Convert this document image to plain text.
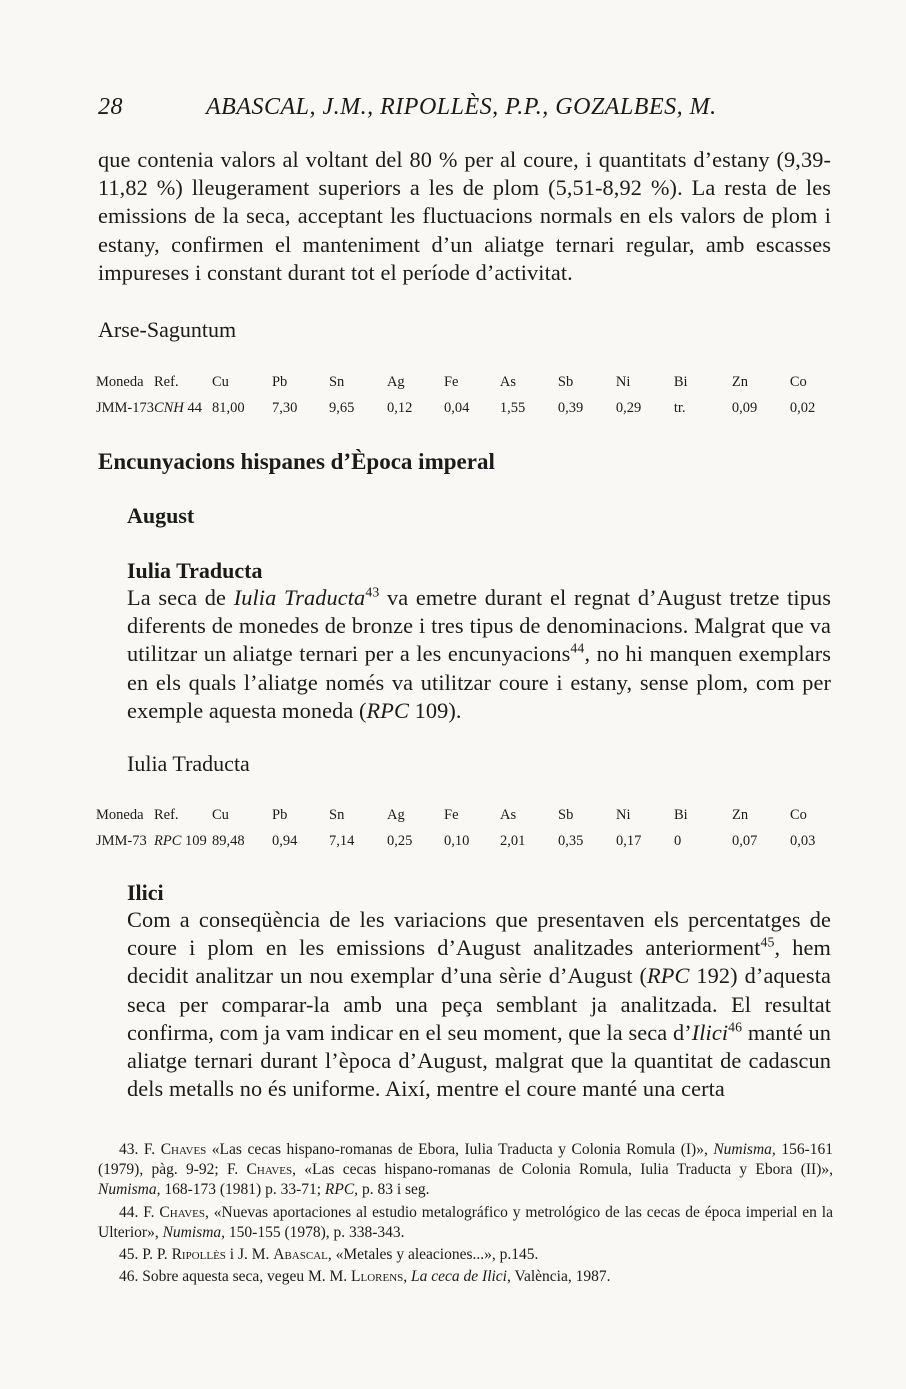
28	ABASCAL, J.M., RIPOLLÈS, P.P., GOZALBES, M.

que contenia valors al voltant del 80 % per al coure, i quantitats d’estany (9,39-11,82 %) lleugerament superiors a les de plom (5,51-8,92 %). La resta de les emissions de la seca, acceptant les fluctuacions normals en els valors de plom i estany, confirmen el manteniment d’un aliatge ternari regular, amb escasses impureses i constant durant tot el període d’activitat.

Arse-Saguntum
Moneda	Ref.	Cu	Pb	Sn	Ag	Fe	As	Sb	Ni	Bi	Zn	Co
JMM-173	CNH 44	81,00	7,30	9,65	0,12	0,04	1,55	0,39	0,29	tr.	0,09	0,02
Encunyacions hispanes d’Època imperal
August
Iulia Traducta

La seca de Iulia Traducta$^{43}$ va emetre durant el regnat d’August tretze tipus diferents de monedes de bronze i tres tipus de denominacions. Malgrat que va utilitzar un aliatge ternari per a les encunyacions$^{44}$, no hi manquen exemplars en els quals l’aliatge només va utilitzar coure i estany, sense plom, com per exemple aquesta moneda (RPC 109).

Iulia Traducta
Moneda	Ref.	Cu	Pb	Sn	Ag	Fe	As	Sb	Ni	Bi	Zn	Co
JMM-73	RPC 109	89,48	0,94	7,14	0,25	0,10	2,01	0,35	0,17	0	0,07	0,03
Ilici

Com a conseqüència de les variacions que presentaven els percentatges de coure i plom en les emissions d’August analitzades anteriorment$^{45}$, hem decidit analitzar un nou exemplar d’una sèrie d’August (RPC 192) d’aquesta seca per comparar-la amb una peça semblant ja analitzada. El resultat confirma, com ja vam indicar en el seu moment, que la seca d’Ilici$^{46}$ manté un aliatge ternari durant l’època d’August, malgrat que la quantitat de cadascun dels metalls no és uniforme. Així, mentre el coure manté una certa

43. F. Chaves «Las cecas hispano-romanas de Ebora, Iulia Traducta y Colonia Romula (I)», Numisma, 156-161 (1979), pàg. 9-92; F. Chaves, «Las cecas hispano-romanas de Colonia Romula, Iulia Traducta y Ebora (II)», Numisma, 168-173 (1981) p. 33-71; RPC, p. 83 i seg.

44. F. Chaves, «Nuevas aportaciones al estudio metalográfico y metrológico de las cecas de época imperial en la Ulterior», Numisma, 150-155 (1978), p. 338-343.

45. P. P. Ripollès i J. M. Abascal, «Metales y aleaciones...», p.145.

46. Sobre aquesta seca, vegeu M. M. Llorens, La ceca de Ilici, València, 1987.
